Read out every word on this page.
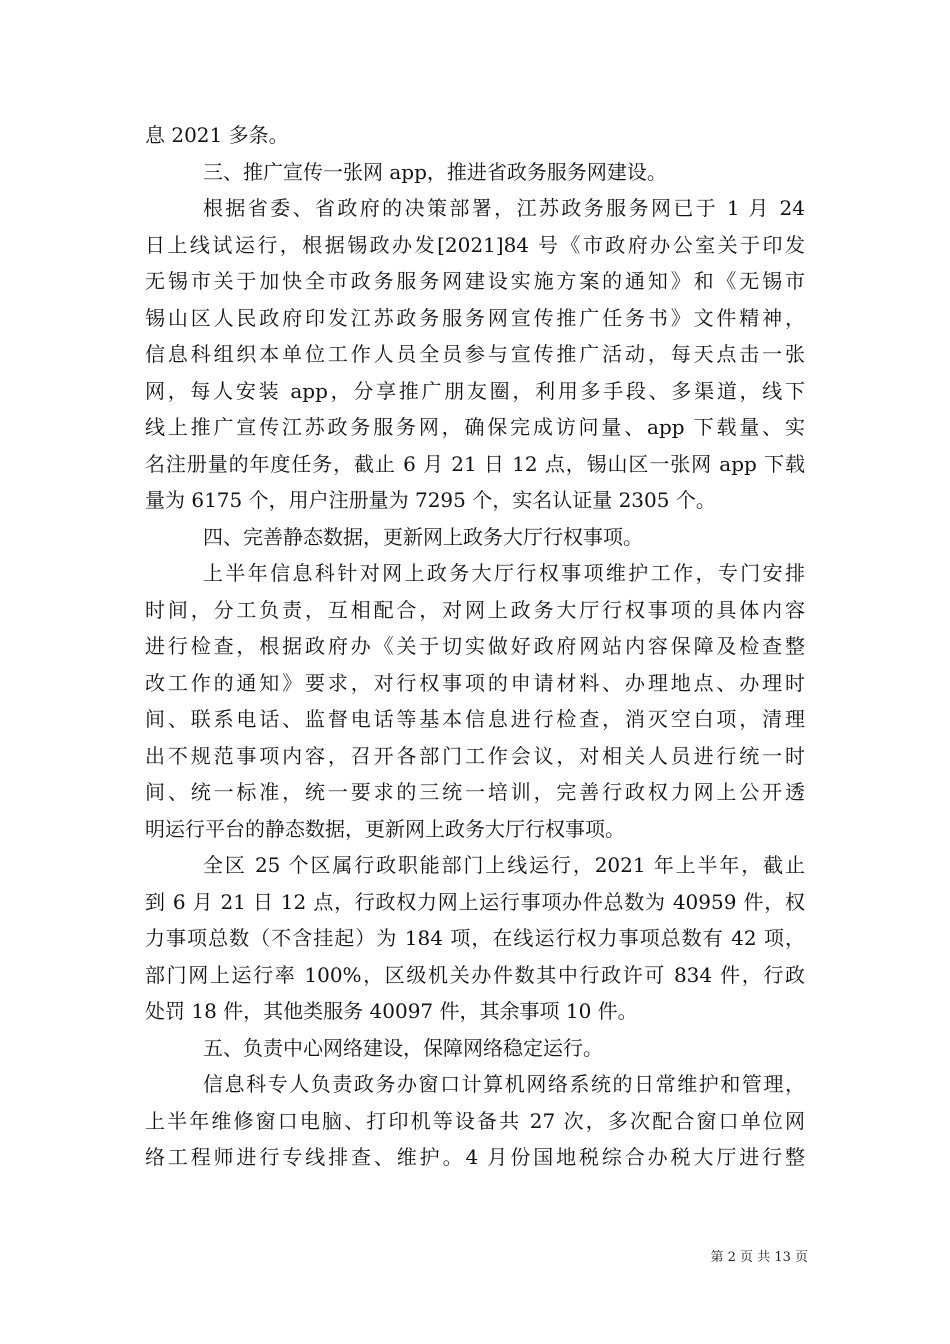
息 2021 多条。
三、推广宣传一张网 app，推进省政务服务网建设。
根据省委、省政府的决策部署，江苏政务服务网已于 1 月 24
日上线试运行，根据锡政办发[2021]84 号《市政府办公室关于印发
无锡市关于加快全市政务服务网建设实施方案的通知》和《无锡市
锡山区人民政府印发江苏政务服务网宣传推广任务书》文件精神，
信息科组织本单位工作人员全员参与宣传推广活动，每天点击一张
网，每人安装 app，分享推广朋友圈，利用多手段、多渠道，线下
线上推广宣传江苏政务服务网，确保完成访问量、app 下载量、实
名注册量的年度任务，截止 6 月 21 日 12 点，锡山区一张网 app 下载
量为 6175 个，用户注册量为 7295 个，实名认证量 2305 个。
四、完善静态数据，更新网上政务大厅行权事项。
上半年信息科针对网上政务大厅行权事项维护工作，专门安排
时间，分工负责，互相配合，对网上政务大厅行权事项的具体内容
进行检查，根据政府办《关于切实做好政府网站内容保障及检查整
改工作的通知》要求，对行权事项的申请材料、办理地点、办理时
间、联系电话、监督电话等基本信息进行检查，消灭空白项，清理
出不规范事项内容，召开各部门工作会议，对相关人员进行统一时
间、统一标准，统一要求的三统一培训，完善行政权力网上公开透
明运行平台的静态数据，更新网上政务大厅行权事项。
全区 25 个区属行政职能部门上线运行，2021 年上半年，截止
到 6 月 21 日 12 点，行政权力网上运行事项办件总数为 40959 件，权
力事项总数（不含挂起）为 184 项，在线运行权力事项总数有 42 项，
部门网上运行率 100%，区级机关办件数其中行政许可 834 件，行政
处罚 18 件，其他类服务 40097 件，其余事项 10 件。
五、负责中心网络建设，保障网络稳定运行。
信息科专人负责政务办窗口计算机网络系统的日常维护和管理，
上半年维修窗口电脑、打印机等设备共 27 次，多次配合窗口单位网
络工程师进行专线排查、维护。4 月份国地税综合办税大厅进行整
第 2 页 共 13 页
